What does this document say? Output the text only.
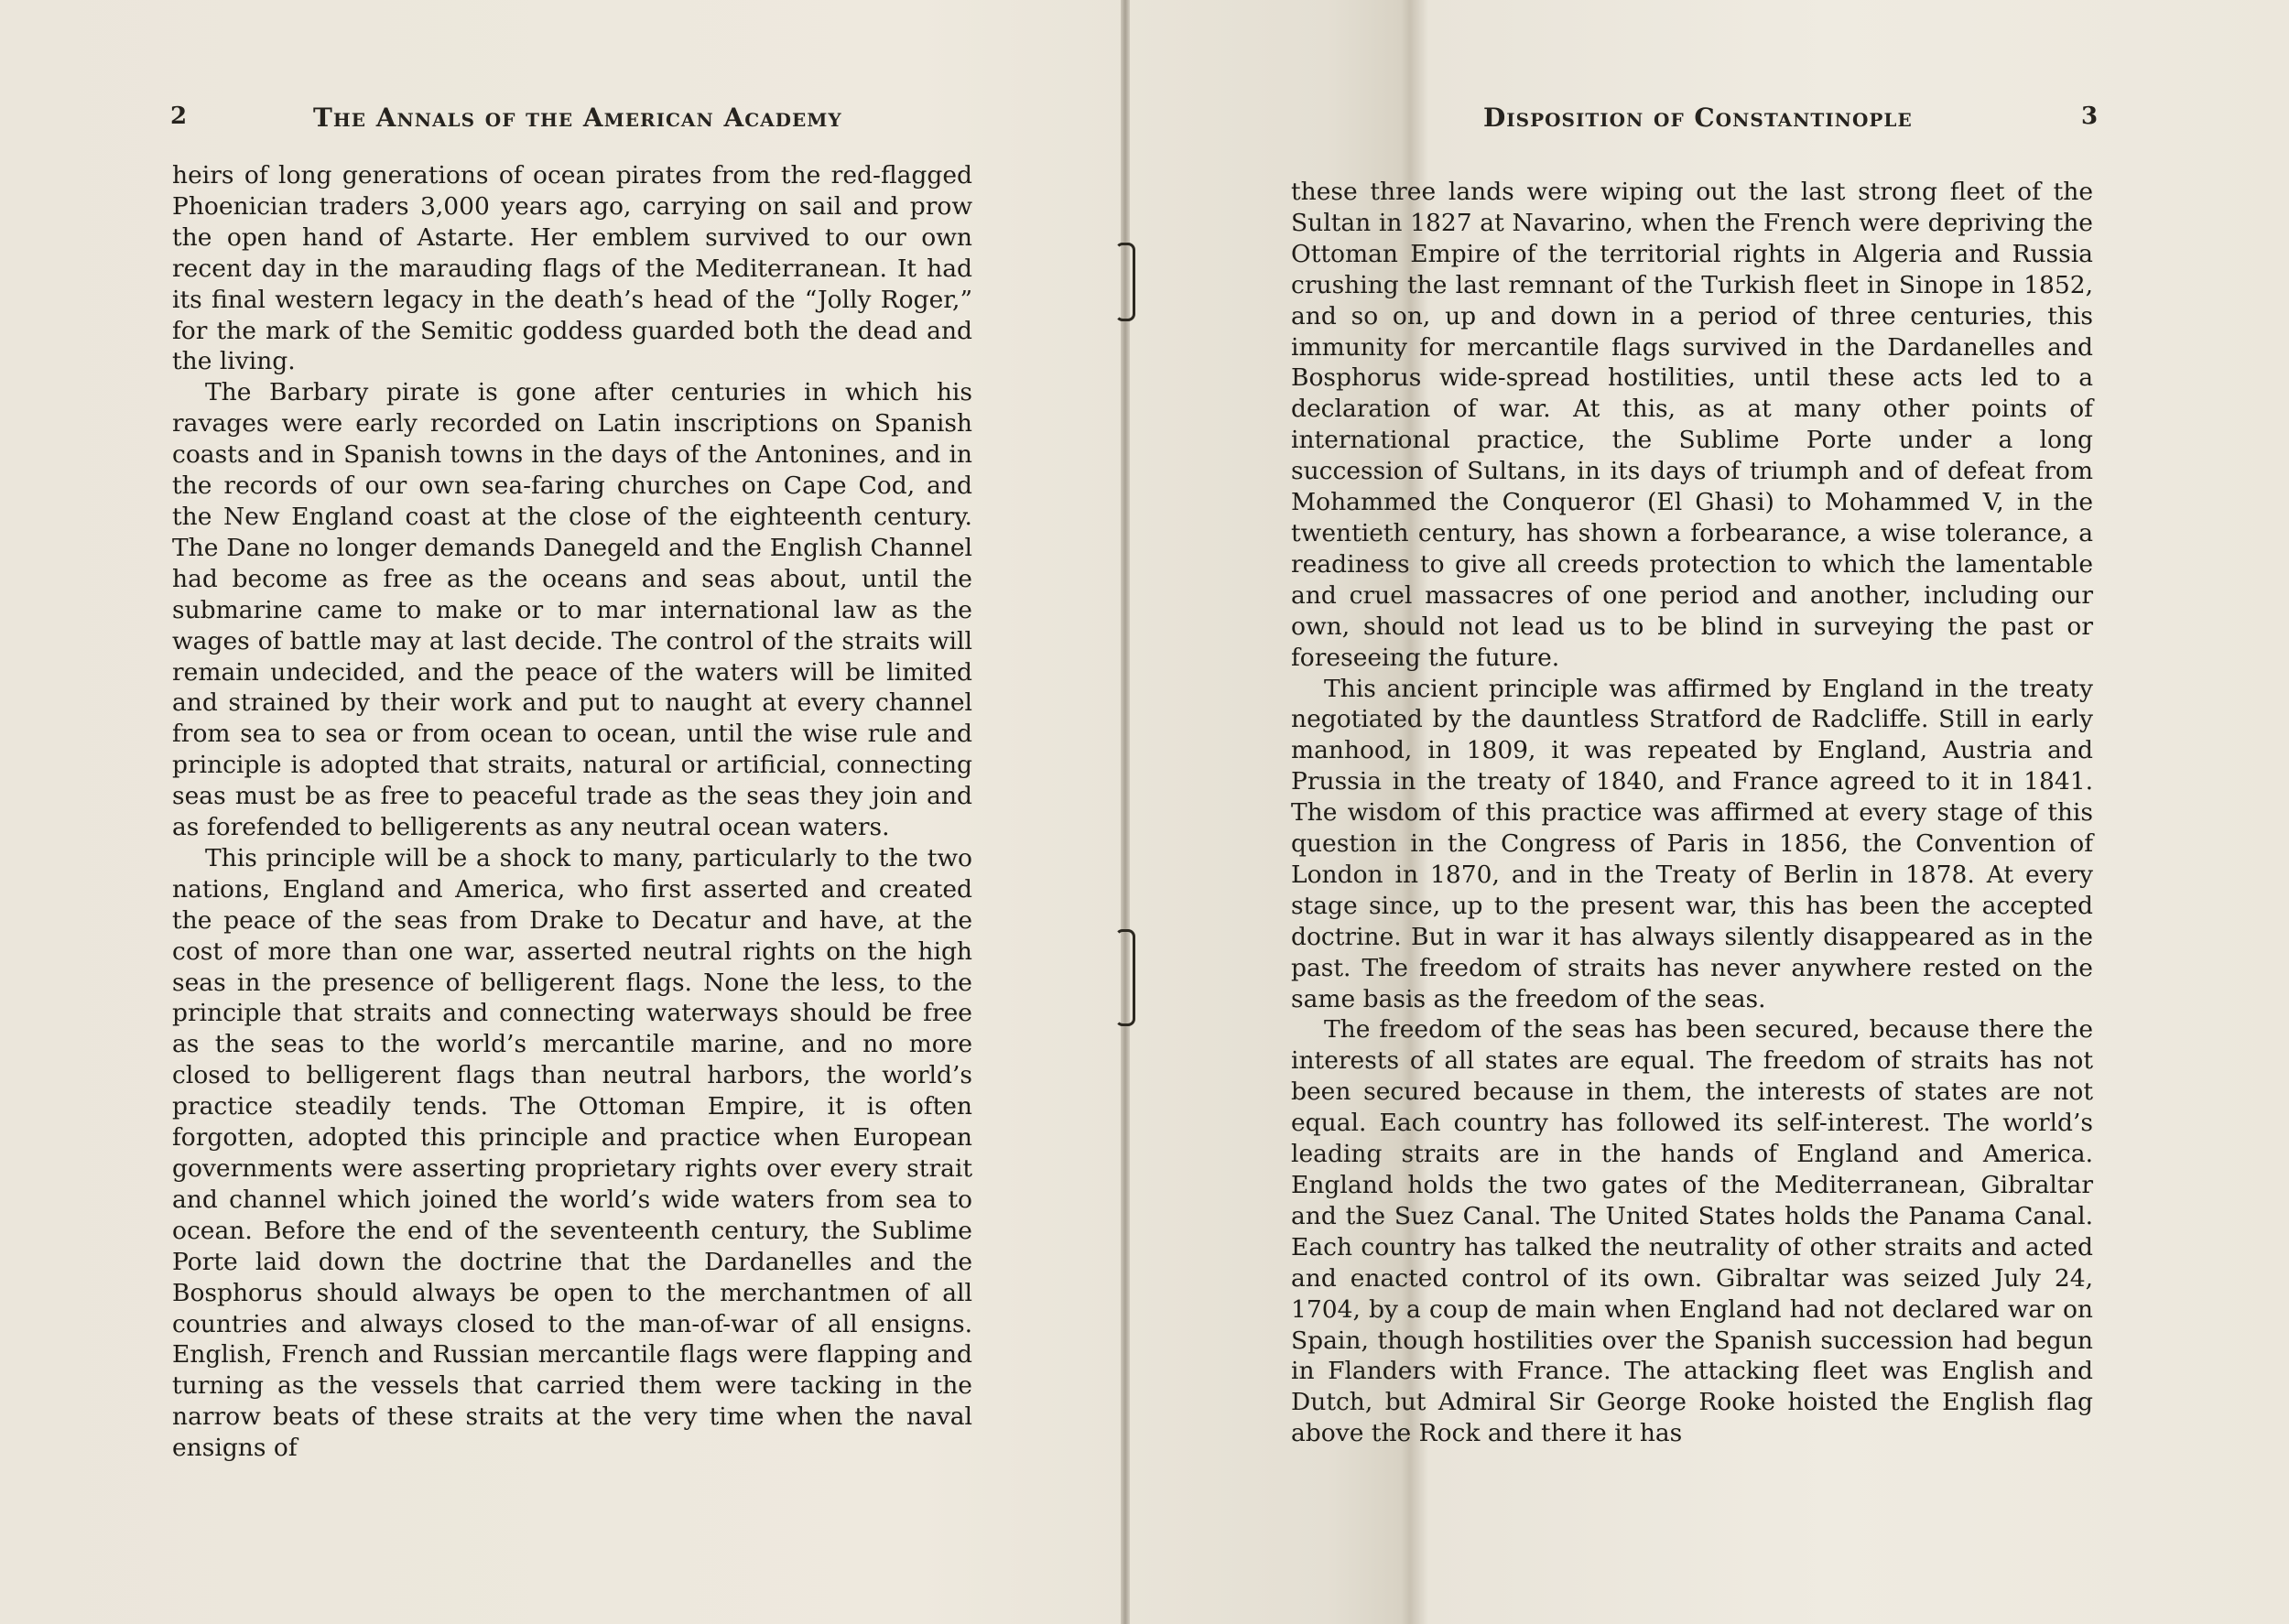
2	The Annals of the American Academy

heirs of long generations of ocean pirates from the red-flagged Phoenician traders 3,000 years ago, carrying on sail and prow the open hand of Astarte. Her emblem survived to our own recent day in the marauding flags of the Mediterranean. It had its final western legacy in the death’s head of the “Jolly Roger,” for the mark of the Semitic goddess guarded both the dead and the living.

The Barbary pirate is gone after centuries in which his ravages were early recorded on Latin inscriptions on Spanish coasts and in Spanish towns in the days of the Antonines, and in the records of our own sea-faring churches on Cape Cod, and the New England coast at the close of the eighteenth century. The Dane no longer demands Danegeld and the English Channel had become as free as the oceans and seas about, until the submarine came to make or to mar international law as the wages of battle may at last decide. The control of the straits will remain undecided, and the peace of the waters will be limited and strained by their work and put to naught at every channel from sea to sea or from ocean to ocean, until the wise rule and principle is adopted that straits, natural or artificial, connecting seas must be as free to peaceful trade as the seas they join and as forefended to belligerents as any neutral ocean waters.

This principle will be a shock to many, particularly to the two nations, England and America, who first asserted and created the peace of the seas from Drake to Decatur and have, at the cost of more than one war, asserted neutral rights on the high seas in the presence of belligerent flags. None the less, to the principle that straits and connecting waterways should be free as the seas to the world’s mercantile marine, and no more closed to belligerent flags than neutral harbors, the world’s practice steadily tends. The Ottoman Empire, it is often forgotten, adopted this principle and practice when European governments were asserting proprietary rights over every strait and channel which joined the world’s wide waters from sea to ocean. Before the end of the seventeenth century, the Sublime Porte laid down the doctrine that the Dardanelles and the Bosphorus should always be open to the merchantmen of all countries and always closed to the man-of-war of all ensigns. English, French and Russian mercantile flags were flapping and turning as the vessels that carried them were tacking in the narrow beats of these straits at the very time when the naval ensigns of

Disposition of Constantinople	3

these three lands were wiping out the last strong fleet of the Sultan in 1827 at Navarino, when the French were depriving the Ottoman Empire of the territorial rights in Algeria and Russia crushing the last remnant of the Turkish fleet in Sinope in 1852, and so on, up and down in a period of three centuries, this immunity for mercantile flags survived in the Dardanelles and Bosphorus wide-spread hostilities, until these acts led to a declaration of war. At this, as at many other points of international practice, the Sublime Porte under a long succession of Sultans, in its days of triumph and of defeat from Mohammed the Conqueror (El Ghasi) to Mohammed V, in the twentieth century, has shown a forbearance, a wise tolerance, a readiness to give all creeds protection to which the lamentable and cruel massacres of one period and another, including our own, should not lead us to be blind in surveying the past or foreseeing the future.

This ancient principle was affirmed by England in the treaty negotiated by the dauntless Stratford de Radcliffe. Still in early manhood, in 1809, it was repeated by England, Austria and Prussia in the treaty of 1840, and France agreed to it in 1841. The wisdom of this practice was affirmed at every stage of this question in the Congress of Paris in 1856, the Convention of London in 1870, and in the Treaty of Berlin in 1878. At every stage since, up to the present war, this has been the accepted doctrine. But in war it has always silently disappeared as in the past. The freedom of straits has never anywhere rested on the same basis as the freedom of the seas.

The freedom of the seas has been secured, because there the interests of all states are equal. The freedom of straits has not been secured because in them, the interests of states are not equal. Each country has followed its self-interest. The world’s leading straits are in the hands of England and America. England holds the two gates of the Mediterranean, Gibraltar and the Suez Canal. The United States holds the Panama Canal. Each country has talked the neutrality of other straits and acted and enacted control of its own. Gibraltar was seized July 24, 1704, by a coup de main when England had not declared war on Spain, though hostilities over the Spanish succession had begun in Flanders with France. The attacking fleet was English and Dutch, but Admiral Sir George Rooke hoisted the English flag above the Rock and there it has
